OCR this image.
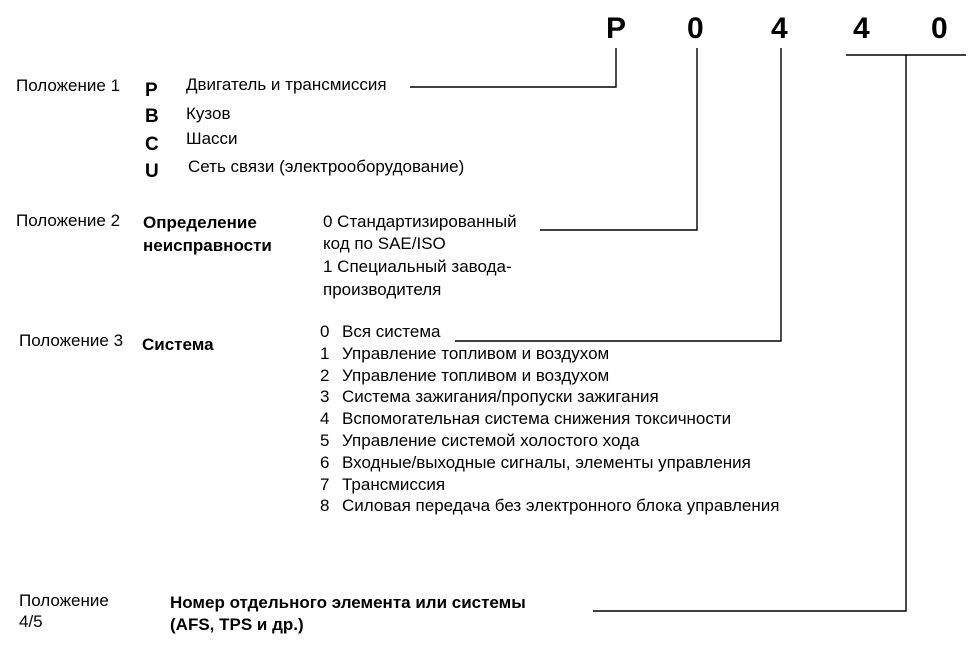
P 0 4 4 0
Положение 1 P
B
C
U
Двигатель и трансмиссия
Кузов
Шасси
Сеть связи (электрооборудование)
Положение 2 Определение
неисправности
0 Стандартизированный
код по SAE/ISO
1 Специальный завода-
производителя
Положение 3 Система
0 Вся система
1 Управление топливом и воздухом
2 Управление топливом и воздухом
3 Система зажигания/пропуски зажигания
4 Вспомогательная система снижения токсичности
5 Управление системой холостого хода
6 Входные/выходные сигналы, элементы управления
7 Трансмиссия
8 Силовая передача без электронного блока управления
Положение
4/5
Номер отдельного элемента или системы
(AFS, TPS и др.)
